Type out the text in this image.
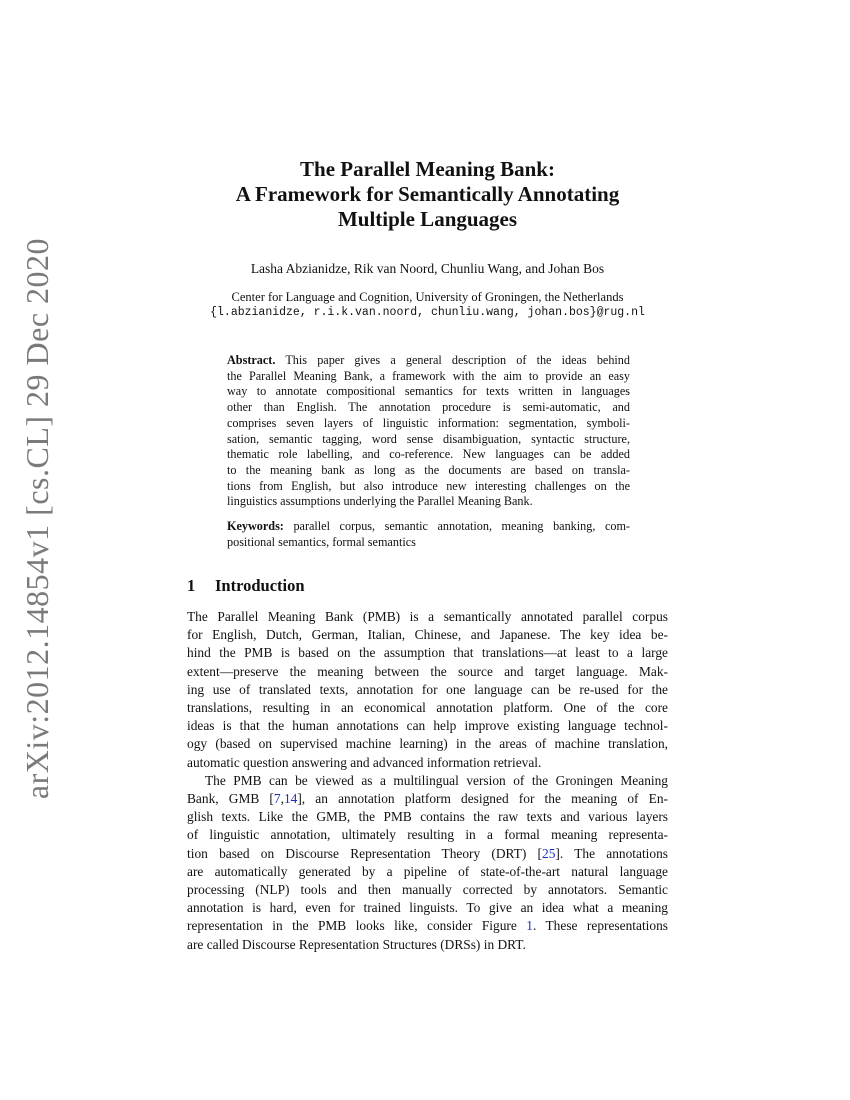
arXiv:2012.14854v1 [cs.CL] 29 Dec 2020
The Parallel Meaning Bank:
A Framework for Semantically Annotating
Multiple Languages
Lasha Abzianidze, Rik van Noord, Chunliu Wang, and Johan Bos
Center for Language and Cognition, University of Groningen, the Netherlands
{l.abzianidze, r.i.k.van.noord, chunliu.wang, johan.bos}@rug.nl

Abstract. This paper gives a general description of the ideas behind
the Parallel Meaning Bank, a framework with the aim to provide an easy
way to annotate compositional semantics for texts written in languages
other than English. The annotation procedure is semi-automatic, and
comprises seven layers of linguistic information: segmentation, symboli-
sation, semantic tagging, word sense disambiguation, syntactic structure,
thematic role labelling, and co-reference. New languages can be added
to the meaning bank as long as the documents are based on transla-
tions from English, but also introduce new interesting challenges on the
linguistics assumptions underlying the Parallel Meaning Bank.

Keywords: parallel corpus, semantic annotation, meaning banking, com-
positional semantics, formal semantics

1 Introduction
The Parallel Meaning Bank (PMB) is a semantically annotated parallel corpus
for English, Dutch, German, Italian, Chinese, and Japanese. The key idea be-
hind the PMB is based on the assumption that translations—at least to a large
extent—preserve the meaning between the source and target language. Mak-
ing use of translated texts, annotation for one language can be re-used for the
translations, resulting in an economical annotation platform. One of the core
ideas is that the human annotations can help improve existing language technol-
ogy (based on supervised machine learning) in the areas of machine translation,
automatic question answering and advanced information retrieval.
The PMB can be viewed as a multilingual version of the Groningen Meaning
Bank, GMB [7,14], an annotation platform designed for the meaning of En-
glish texts. Like the GMB, the PMB contains the raw texts and various layers
of linguistic annotation, ultimately resulting in a formal meaning representa-
tion based on Discourse Representation Theory (DRT) [25]. The annotations
are automatically generated by a pipeline of state-of-the-art natural language
processing (NLP) tools and then manually corrected by annotators. Semantic
annotation is hard, even for trained linguists. To give an idea what a meaning
representation in the PMB looks like, consider Figure 1. These representations
are called Discourse Representation Structures (DRSs) in DRT.
